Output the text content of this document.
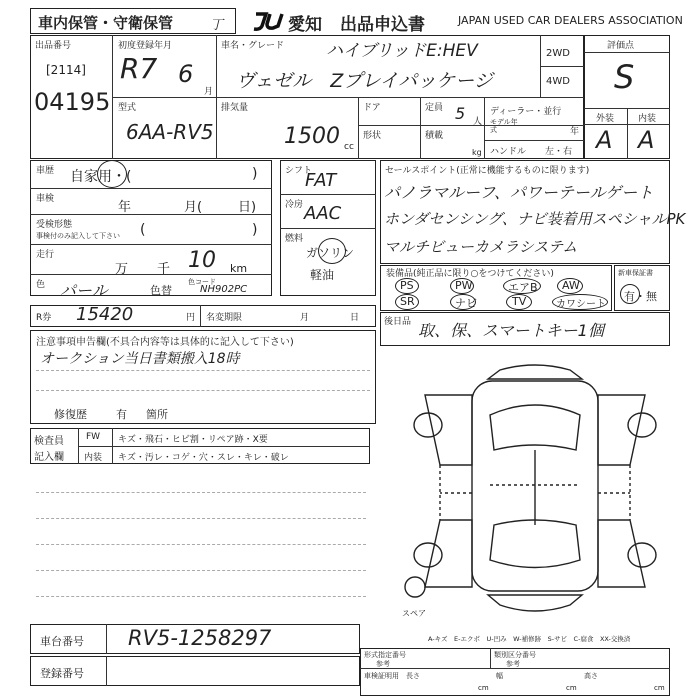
車内保管・守衛保管	丁	愛知 出品申込書	JAPAN USED CAR DEALERS ASSOCIATION
出品番号
[2114]
04195
初度登録年月
R7 6
月
車名・グレード ハイブリッドE:HEV
ヴェゼル　Zプレイパッケージ
2WD
4WD
型式
6AA-RV5
排気量
1500 cc
ドア
形状
定員 5 人
積載
kg
ディーラー・並行
モデル年式	年
ハンドル 左・右
評価点
S
外装	内装
A A
車歴 自家用・(	)
車検
年	月(	日)
受検形態
事検付のみ記入して下さい (	)
走行
万 千 10 km
色 パール	色替
色コード
NH902PC
シフト
FAT
冷房 AAC
燃料
ガソリン
軽油
セールスポイント(正常に機能するものに限ります)
パノラマルーフ、パワーテールゲート
ホンダセンシング、ナビ装着用スペシャルPK
マルチビューカメラシステム
装備品(純正品に限り○をつけてください)
PS	PW	エアB AW
SR	ナビ	TV	カワシート
新車保証書
有・無
R券 15420	円 名変期限	月	日
注意事項申告欄(不具合内容等は具体的に記入して下さい)
オークション当日書類搬入18時
修復歴	有 箇所
後日品 取、保、スマートキー1個
検査員
記入欄
FW キズ・飛石・ヒビ割・リペア跡・X要
内装 キズ・汚レ・コゲ・穴・スレ・キレ・破レ
スペア
A-キズ　E-エクボ　U-凹み　W-補修跡　S-サビ　C-腐食　XX-交換済
車台番号 RV5-1258297
登録番号
形式指定番号
参考
類別区分番号
参考
車検証明用 長さ	幅	高さ
cm	cm	cm
